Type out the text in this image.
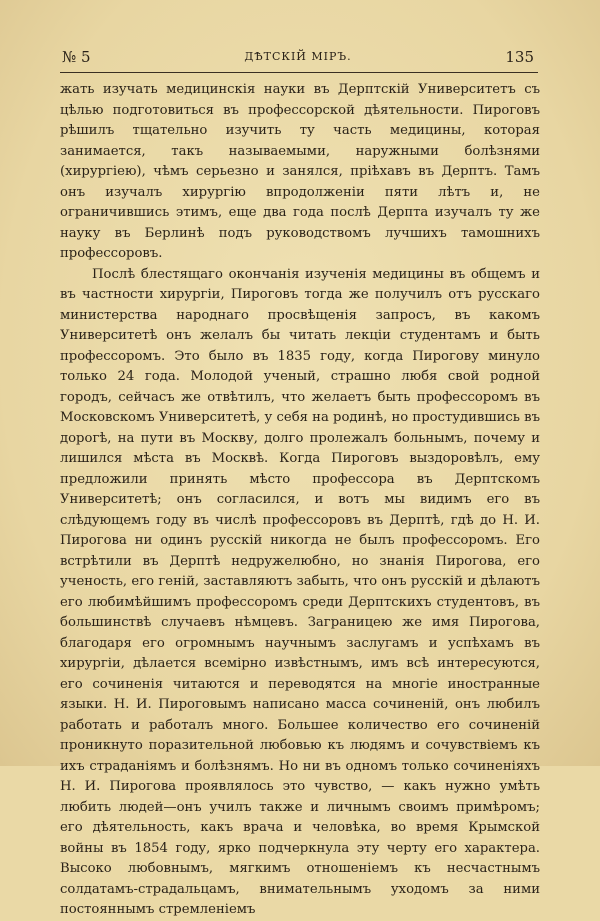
№ 5	ДѢТСКІЙ МІРЪ.	135

жать изучать медицинскія науки въ Дерптскій Университетъ съ цѣлью подготовиться въ профессорской дѣятельности. Пироговъ рѣшилъ тщательно изучить ту часть медицины, которая занимается, такъ называемыми, наружными болѣзнями (хирургіею), чѣмъ серьезно и занялся, пріѣхавъ въ Дерптъ. Тамъ онъ изучалъ хирургію впродолженіи пяти лѣтъ и, не ограничившись этимъ, еще два года послѣ Дерпта изучалъ ту же науку въ Берлинѣ подъ руководствомъ лучшихъ тамошнихъ профессоровъ.

Послѣ блестящаго окончанія изученія медицины въ общемъ и въ частности хирургіи, Пироговъ тогда же получилъ отъ русскаго министерства народнаго просвѣщенія запросъ, въ какомъ Университетѣ онъ желалъ бы читать лекціи студентамъ и быть профессоромъ. Это было въ 1835 году, когда Пирогову минуло только 24 года. Молодой ученый, страшно любя свой родной городъ, сейчасъ же отвѣтилъ, что желаетъ быть профессоромъ въ Московскомъ Университетѣ, у себя на родинѣ, но простудившись въ дорогѣ, на пути въ Москву, долго пролежалъ больнымъ, почему и лишился мѣста въ Москвѣ. Когда Пироговъ выздоровѣлъ, ему предложили принять мѣсто профессора въ Дерптскомъ Университетѣ; онъ согласился, и вотъ мы видимъ его въ слѣдующемъ году въ числѣ профессоровъ въ Дерптѣ, гдѣ до Н. И. Пирогова ни одинъ русскій никогда не былъ профессоромъ. Его встрѣтили въ Дерптѣ недружелюбно, но знанія Пирогова, его ученость, его геній, заставляютъ забыть, что онъ русскій и дѣлаютъ его любимѣйшимъ профессоромъ среди Дерптскихъ студентовъ, въ большинствѣ случаевъ нѣмцевъ. Заграницею же имя Пирогова, благодаря его огромнымъ научнымъ заслугамъ и успѣхамъ въ хирургіи, дѣлается всемірно извѣстнымъ, имъ всѣ интересуются, его сочиненія читаются и переводятся на многіе иностранные языки. Н. И. Пироговымъ написано масса сочиненій, онъ любилъ работать и работалъ много. Большее количество его сочиненій проникнуто поразительной любовью къ людямъ и сочувствіемъ къ ихъ страданіямъ и болѣзнямъ. Но ни въ одномъ только сочиненіяхъ Н. И. Пирогова проявлялось это чувство, — какъ нужно умѣть любить людей—онъ училъ также и личнымъ своимъ примѣромъ; его дѣятельность, какъ врача и человѣка, во время Крымской войны въ 1854 году, ярко подчеркнула эту черту его характера. Высоко любовнымъ, мягкимъ отношеніемъ къ несчастнымъ солдатамъ-страдальцамъ, внимательнымъ уходомъ за ними постояннымъ стремленіемъ
